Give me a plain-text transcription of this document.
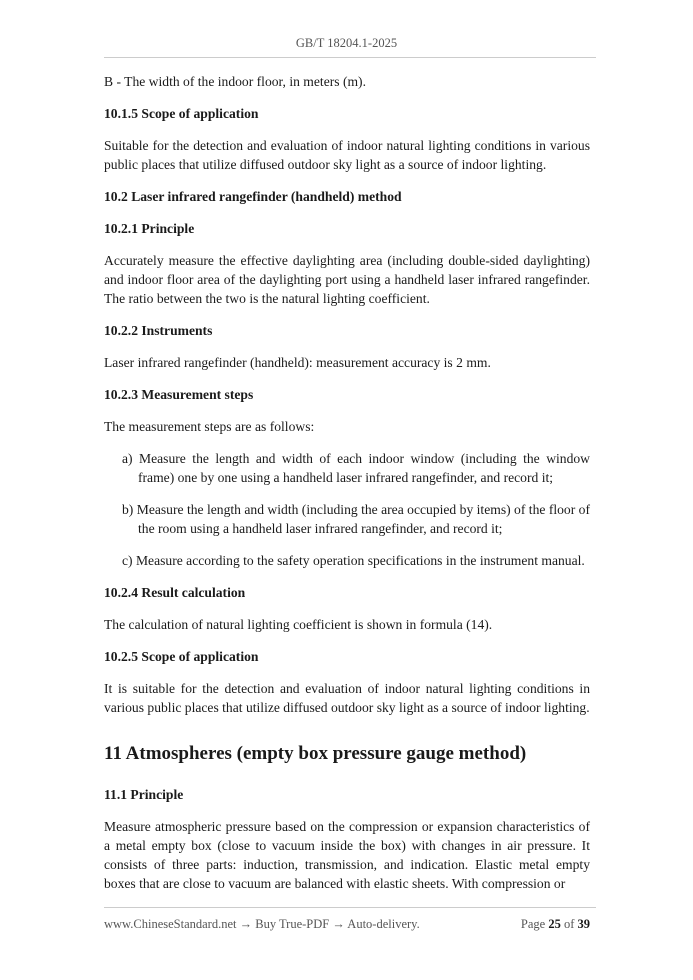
GB/T 18204.1-2025

B - The width of the indoor floor, in meters (m).

10.1.5 Scope of application

Suitable for the detection and evaluation of indoor natural lighting conditions in various public places that utilize diffused outdoor sky light as a source of indoor lighting.

10.2 Laser infrared rangefinder (handheld) method
10.2.1 Principle

Accurately measure the effective daylighting area (including double-sided daylighting) and indoor floor area of the daylighting port using a handheld laser infrared rangefinder. The ratio between the two is the natural lighting coefficient.

10.2.2 Instruments

Laser infrared rangefinder (handheld): measurement accuracy is 2 mm.

10.2.3 Measurement steps

The measurement steps are as follows:

a) Measure the length and width of each indoor window (including the window frame) one by one using a handheld laser infrared rangefinder, and record it;

b) Measure the length and width (including the area occupied by items) of the floor of the room using a handheld laser infrared rangefinder, and record it;

c) Measure according to the safety operation specifications in the instrument manual.

10.2.4 Result calculation

The calculation of natural lighting coefficient is shown in formula (14).

10.2.5 Scope of application

It is suitable for the detection and evaluation of indoor natural lighting conditions in various public places that utilize diffused outdoor sky light as a source of indoor lighting.

11 Atmospheres (empty box pressure gauge method)
11.1 Principle

Measure atmospheric pressure based on the compression or expansion characteristics of a metal empty box (close to vacuum inside the box) with changes in air pressure. It consists of three parts: induction, transmission, and indication. Elastic metal empty boxes that are close to vacuum are balanced with elastic sheets. With compression or

www.ChineseStandard.net → Buy True-PDF → Auto-delivery.	Page 25 of 39
